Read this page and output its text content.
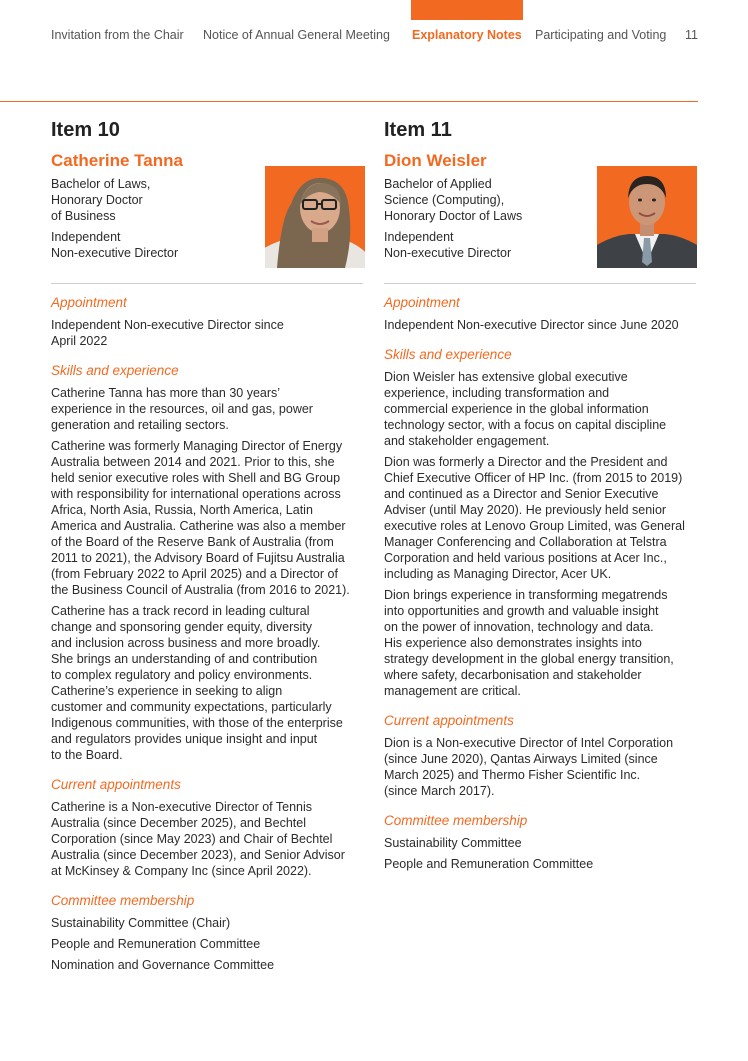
Invitation from the Chair Notice of Annual General Meeting Explanatory Notes Participating and Voting 11
Item 10
Catherine Tanna
Bachelor of Laws,
Honorary Doctor
of Business
Independent
Non-executive Director
Appointment
Independent Non-executive Director since
April 2022
Skills and experience
Catherine Tanna has more than 30 years’
experience in the resources, oil and gas, power
generation and retailing sectors.
Catherine was formerly Managing Director of Energy
Australia between 2014 and 2021. Prior to this, she
held senior executive roles with Shell and BG Group
with responsibility for international operations across
Africa, North Asia, Russia, North America, Latin
America and Australia. Catherine was also a member
of the Board of the Reserve Bank of Australia (from
2011 to 2021), the Advisory Board of Fujitsu Australia
(from February 2022 to April 2025) and a Director of
the Business Council of Australia (from 2016 to 2021).
Catherine has a track record in leading cultural
change and sponsoring gender equity, diversity
and inclusion across business and more broadly.
She brings an understanding of and contribution
to complex regulatory and policy environments.
Catherine’s experience in seeking to align
customer and community expectations, particularly
Indigenous communities, with those of the enterprise
and regulators provides unique insight and input
to the Board.
Current appointments
Catherine is a Non-executive Director of Tennis
Australia (since December 2025), and Bechtel
Corporation (since May 2023) and Chair of Bechtel
Australia (since December 2023), and Senior Advisor
at McKinsey & Company Inc (since April 2022).
Committee membership
Sustainability Committee (Chair)
People and Remuneration Committee
Nomination and Governance Committee
Item 11
Dion Weisler
Bachelor of Applied
Science (Computing),
Honorary Doctor of Laws
Independent
Non-executive Director
Appointment
Independent Non-executive Director since June 2020
Skills and experience
Dion Weisler has extensive global executive
experience, including transformation and
commercial experience in the global information
technology sector, with a focus on capital discipline
and stakeholder engagement.
Dion was formerly a Director and the President and
Chief Executive Officer of HP Inc. (from 2015 to 2019)
and continued as a Director and Senior Executive
Adviser (until May 2020). He previously held senior
executive roles at Lenovo Group Limited, was General
Manager Conferencing and Collaboration at Telstra
Corporation and held various positions at Acer Inc.,
including as Managing Director, Acer UK.
Dion brings experience in transforming megatrends
into opportunities and growth and valuable insight
on the power of innovation, technology and data.
His experience also demonstrates insights into
strategy development in the global energy transition,
where safety, decarbonisation and stakeholder
management are critical.
Current appointments
Dion is a Non-executive Director of Intel Corporation
(since June 2020), Qantas Airways Limited (since
March 2025) and Thermo Fisher Scientific Inc.
(since March 2017).
Committee membership
Sustainability Committee
People and Remuneration Committee
